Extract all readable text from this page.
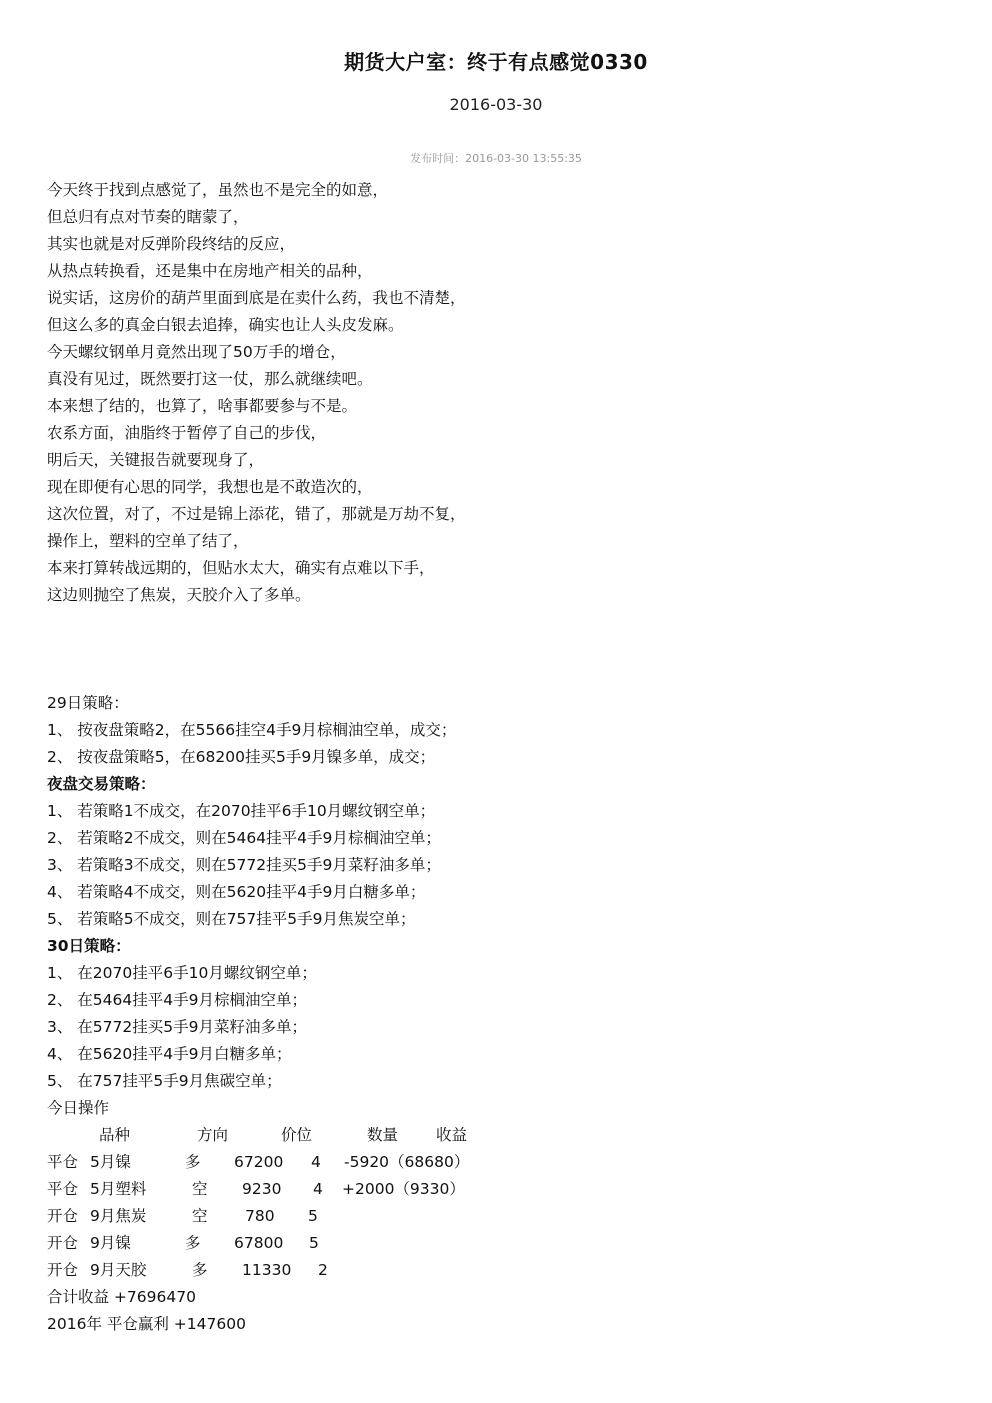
期货大户室：终于有点感觉0330
2016-03-30
发布时间：2016-03-30 13:55:35
今天终于找到点感觉了，虽然也不是完全的如意，
但总归有点对节奏的瞎蒙了，
其实也就是对反弹阶段终结的反应，
从热点转换看，还是集中在房地产相关的品种，
说实话，这房价的葫芦里面到底是在卖什么药，我也不清楚，
但这么多的真金白银去追捧，确实也让人头皮发麻。
今天螺纹钢单月竟然出现了50万手的增仓，
真没有见过，既然要打这一仗，那么就继续吧。
本来想了结的，也算了，啥事都要参与不是。
农系方面，油脂终于暂停了自己的步伐，
明后天，关键报告就要现身了，
现在即便有心思的同学，我想也是不敢造次的，
这次位置，对了，不过是锦上添花，错了，那就是万劫不复，
操作上，塑料的空单了结了，
本来打算转战远期的，但贴水太大，确实有点难以下手，
这边则抛空了焦炭，天胶介入了多单。
29日策略：
1、 按夜盘策略2，在5566挂空4手9月棕榈油空单，成交；
2、 按夜盘策略5，在68200挂买5手9月镍多单，成交；
夜盘交易策略：
1、 若策略1不成交，在2070挂平6手10月螺纹钢空单；
2、 若策略2不成交，则在5464挂平4手9月棕榈油空单；
3、 若策略3不成交，则在5772挂买5手9月菜籽油多单；
4、 若策略4不成交，则在5620挂平4手9月白糖多单；
5、 若策略5不成交，则在757挂平5手9月焦炭空单；
30日策略：
1、 在2070挂平6手10月螺纹钢空单；
2、 在5464挂平4手9月棕榈油空单；
3、 在5772挂买5手9月菜籽油多单；
4、 在5620挂平4手9月白糖多单；
5、 在757挂平5手9月焦碳空单；
今日操作
品种	方向	价位	数量 收益
平仓 5月镍	多 67200 4 -5920（68680）
平仓 5月塑料	空 9230 4 +2000（9330）
开仓 9月焦炭	空 780 5
开仓 9月镍	多 67800 5
开仓 9月天胶	多 11330 2
合计收益 +7696470
2016年 平仓赢利 +147600
